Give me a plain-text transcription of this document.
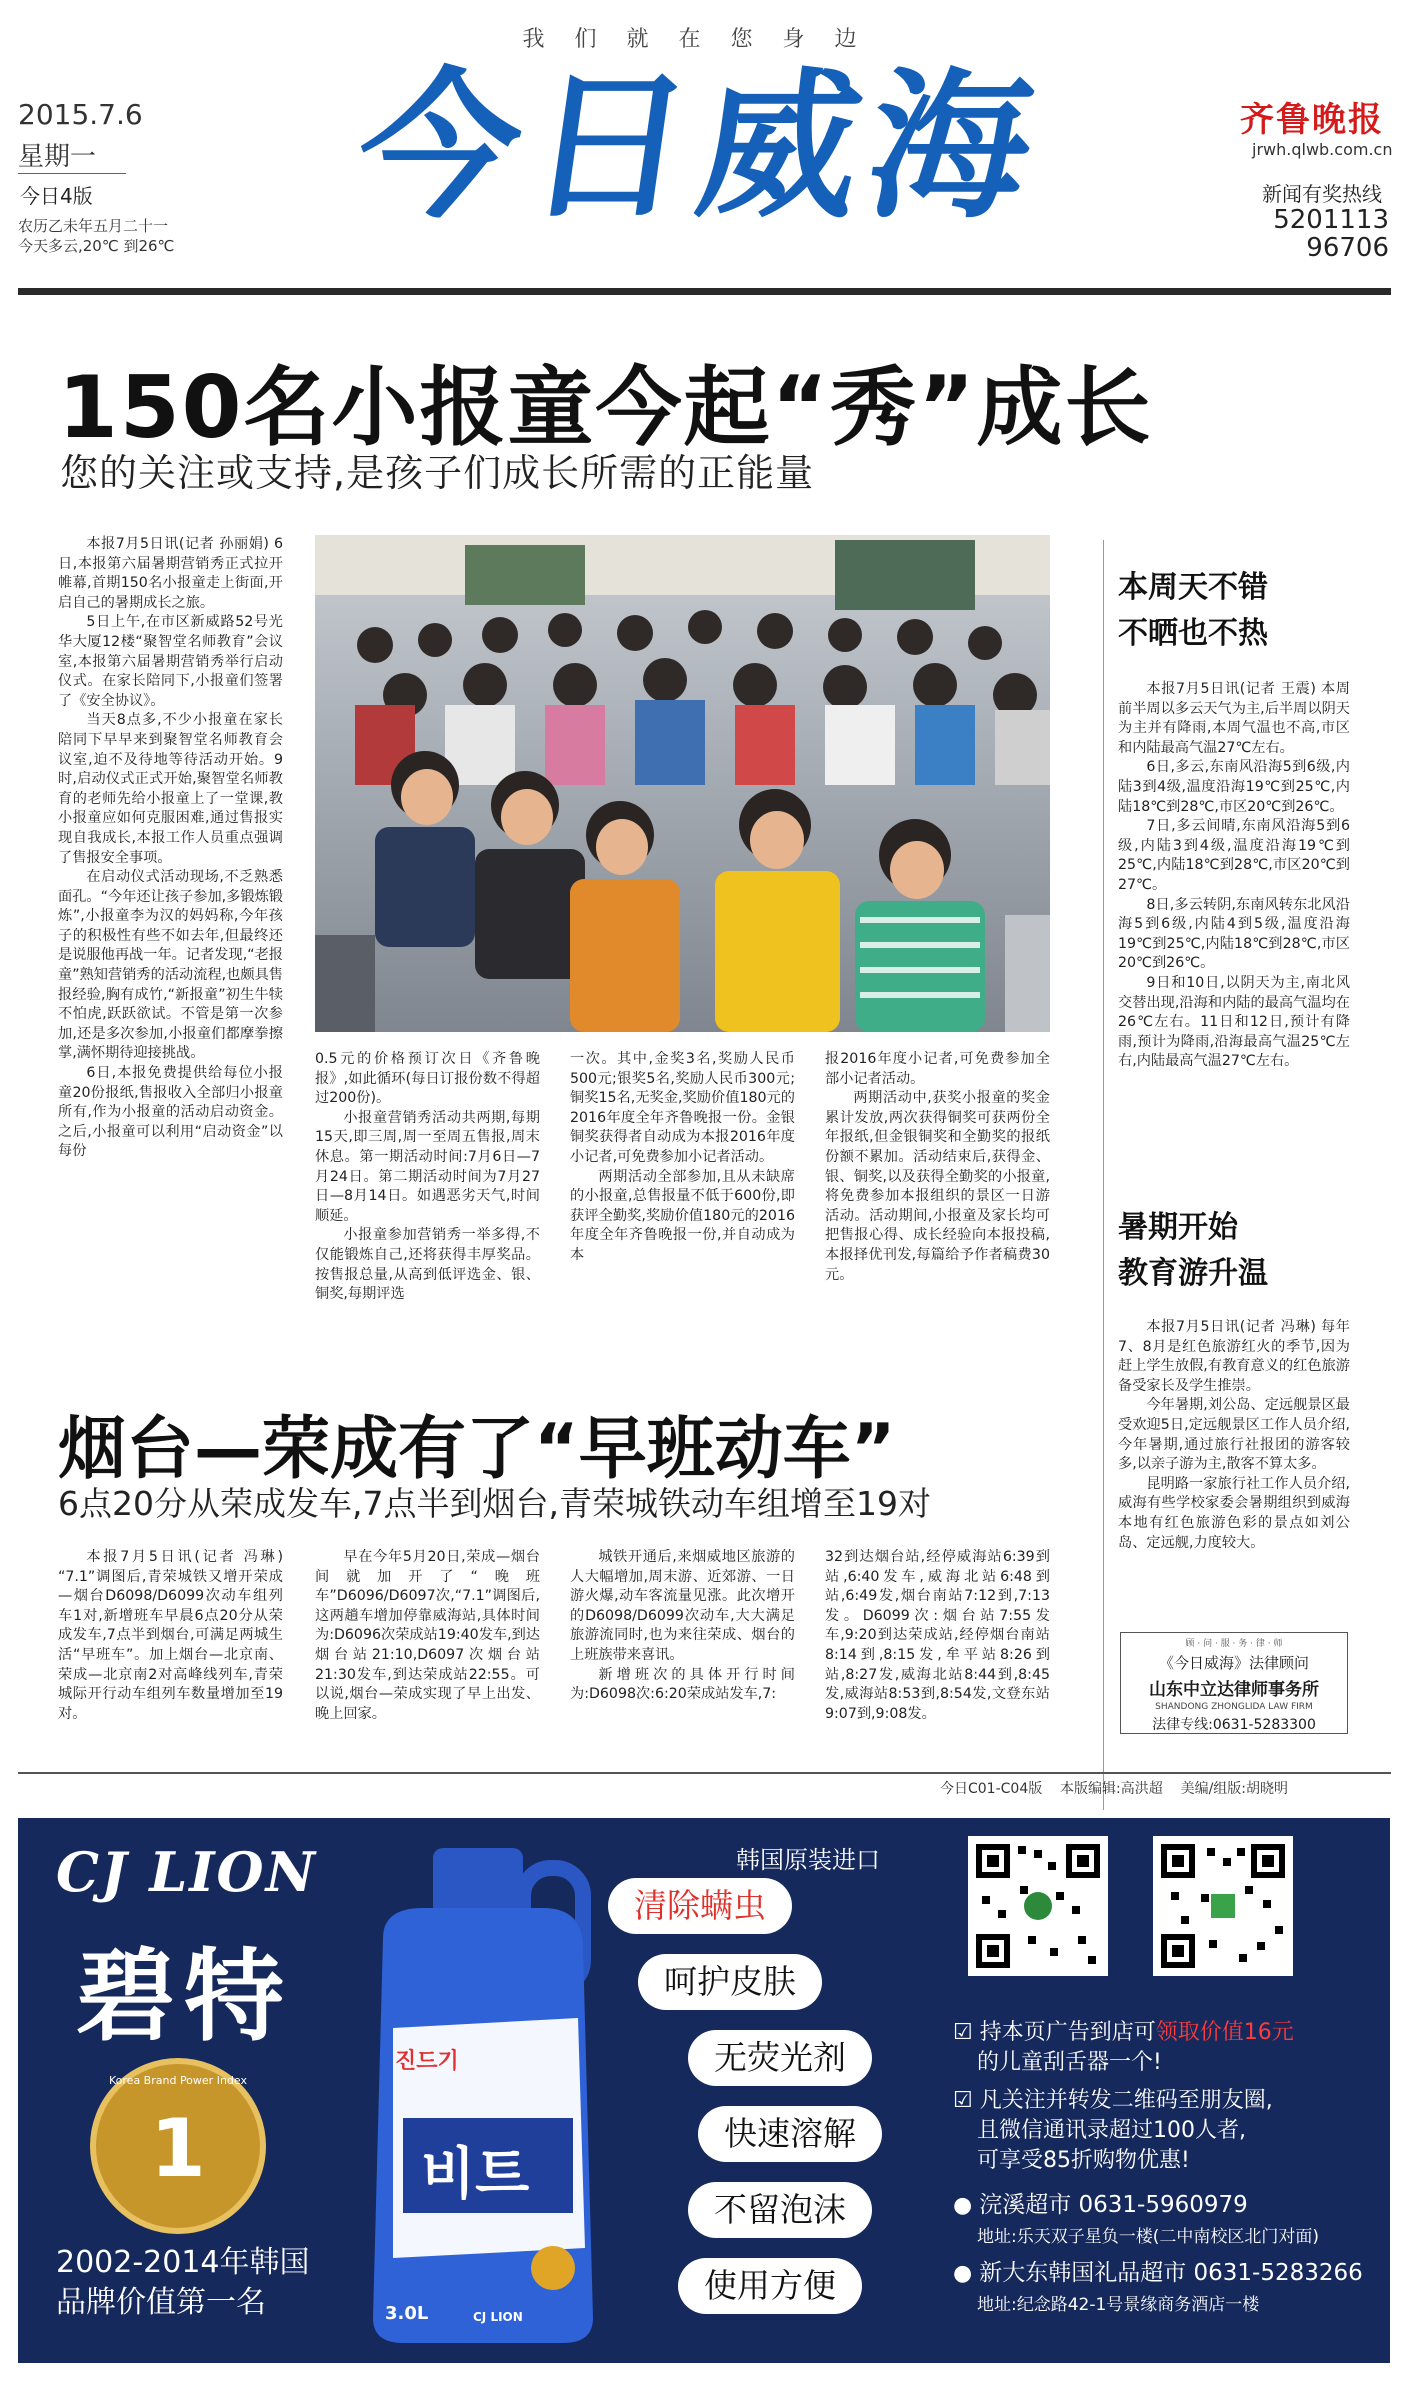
我们就在您身边
2015.7.6
星期一
今日4版
农历乙未年五月二十一
今天多云,20℃ 到26℃
今日威海	齐鲁晚报
jrwh.qlwb.com.cn
新闻有奖热线
5201113
96706
150名小报童今起“秀”成长
您的关注或支持,是孩子们成长所需的正能量

本报7月5日讯(记者 孙丽娟) 6日,本报第六届暑期营销秀正式拉开帷幕,首期150名小报童走上街面,开启自己的暑期成长之旅。

5日上午,在市区新威路52号光华大厦12楼“聚智堂名师教育”会议室,本报第六届暑期营销秀举行启动仪式。在家长陪同下,小报童们签署了《安全协议》。

当天8点多,不少小报童在家长陪同下早早来到聚智堂名师教育会议室,迫不及待地等待活动开始。9时,启动仪式正式开始,聚智堂名师教育的老师先给小报童上了一堂课,教小报童应如何克服困难,通过售报实现自我成长,本报工作人员重点强调了售报安全事项。

在启动仪式活动现场,不乏熟悉面孔。“今年还让孩子参加,多锻炼锻炼”,小报童李为汉的妈妈称,今年孩子的积极性有些不如去年,但最终还是说服他再战一年。记者发现,“老报童”熟知营销秀的活动流程,也颇具售报经验,胸有成竹,“新报童”初生牛犊不怕虎,跃跃欲试。不管是第一次参加,还是多次参加,小报童们都摩拳擦掌,满怀期待迎接挑战。

6日,本报免费提供给每位小报童20份报纸,售报收入全部归小报童所有,作为小报童的活动启动资金。之后,小报童可以利用“启动资金”以每份

0.5元的价格预订次日《齐鲁晚报》,如此循环(每日订报份数不得超过200份)。

小报童营销秀活动共两期,每期15天,即三周,周一至周五售报,周末休息。第一期活动时间:7月6日—7月24日。第二期活动时间为7月27日—8月14日。如遇恶劣天气,时间顺延。

小报童参加营销秀一举多得,不仅能锻炼自己,还将获得丰厚奖品。按售报总量,从高到低评选金、银、铜奖,每期评选

一次。其中,金奖3名,奖励人民币500元;银奖5名,奖励人民币300元;铜奖15名,无奖金,奖励价值180元的2016年度全年齐鲁晚报一份。金银铜奖获得者自动成为本报2016年度小记者,可免费参加小记者活动。

两期活动全部参加,且从未缺席的小报童,总售报量不低于600份,即获评全勤奖,奖励价值180元的2016年度全年齐鲁晚报一份,并自动成为本

报2016年度小记者,可免费参加全部小记者活动。

两期活动中,获奖小报童的奖金累计发放,两次获得铜奖可获两份全年报纸,但金银铜奖和全勤奖的报纸份额不累加。活动结束后,获得金、银、铜奖,以及获得全勤奖的小报童,将免费参加本报组织的景区一日游活动。活动期间,小报童及家长均可把售报心得、成长经验向本报投稿,本报择优刊发,每篇给予作者稿费30元。

本周天不错
不晒也不热

本报7月5日讯(记者 王震) 本周前半周以多云天气为主,后半周以阴天为主并有降雨,本周气温也不高,市区和内陆最高气温27℃左右。

6日,多云,东南风沿海5到6级,内陆3到4级,温度沿海19℃到25℃,内陆18℃到28℃,市区20℃到26℃。

7日,多云间晴,东南风沿海5到6级,内陆3到4级,温度沿海19℃到25℃,内陆18℃到28℃,市区20℃到27℃。

8日,多云转阴,东南风转东北风沿海5到6级,内陆4到5级,温度沿海19℃到25℃,内陆18℃到28℃,市区20℃到26℃。

9日和10日,以阴天为主,南北风交替出现,沿海和内陆的最高气温均在26℃左右。11日和12日,预计有降雨,预计为降雨,沿海最高气温25℃左右,内陆最高气温27℃左右。

暑期开始
教育游升温

本报7月5日讯(记者 冯琳) 每年7、8月是红色旅游红火的季节,因为赶上学生放假,有教育意义的红色旅游备受家长及学生推崇。

今年暑期,刘公岛、定远舰景区最受欢迎5日,定远舰景区工作人员介绍,今年暑期,通过旅行社报团的游客较多,以亲子游为主,散客不算太多。

昆明路一家旅行社工作人员介绍,威海有些学校家委会暑期组织到威海本地有红色旅游色彩的景点如刘公岛、定远舰,力度较大。

顾 · 问 · 服 · 务 · 律 · 师
《今日威海》法律顾问
山东中立达律师事务所
SHANDONG ZHONGLIDA LAW FIRM
法律专线:0631-5283300
烟台—荣成有了“早班动车”
6点20分从荣成发车,7点半到烟台,青荣城铁动车组增至19对

本报7月5日讯(记者 冯琳) “7.1”调图后,青荣城铁又增开荣成—烟台D6098/D6099次动车组列车1对,新增班车早晨6点20分从荣成发车,7点半到烟台,可满足两城生活“早班车”。加上烟台—北京南、荣成—北京南2对高峰线列车,青荣城际开行动车组列车数量增加至19对。

早在今年5月20日,荣成—烟台间就加开了“晚班车”D6096/D6097次,“7.1”调图后,这两趟车增加停靠威海站,具体时间为:D6096次荣成站19:40发车,到达烟台站21:10,D6097次烟台站21:30发车,到达荣成站22:55。可以说,烟台—荣成实现了早上出发、晚上回家。

城铁开通后,来烟威地区旅游的人大幅增加,周末游、近郊游、一日游火爆,动车客流量见涨。此次增开的D6098/D6099次动车,大大满足旅游流同时,也为来往荣成、烟台的上班族带来喜讯。

新增班次的具体开行时间为:D6098次:6:20荣成站发车,7:

32到达烟台站,经停威海站6:39到站,6:40发车,威海北站6:48到站,6:49发,烟台南站7:12到,7:13发。D6099次:烟台站7:55发车,9:20到达荣成站,经停烟台南站8:14到,8:15发,牟平站8:26到站,8:27发,威海北站8:44到,8:45发,威海站8:53到,8:54发,文登东站9:07到,9:08发。

今日C01-C04版 本版编辑:高洪超 美编/组版:胡晓明
CJ LION
碧特
Korea Brand Power Index
1
2002-2014年韩国
品牌价值第一名
진드기
비트
3.0L	CJ LION
韩国原装进口
清除螨虫
呵护皮肤
无荧光剂
快速溶解
不留泡沫
使用方便
☑ 持本页广告到店可领取价值16元
的儿童刮舌器一个!
☑ 凡关注并转发二维码至朋友圈,
且微信通讯录超过100人者,
可享受85折购物优惠!
● 浣溪超市 0631-5960979
地址:乐天双子星负一楼(二中南校区北门对面)
● 新大东韩国礼品超市 0631-5283266
地址:纪念路42-1号景缘商务酒店一楼
